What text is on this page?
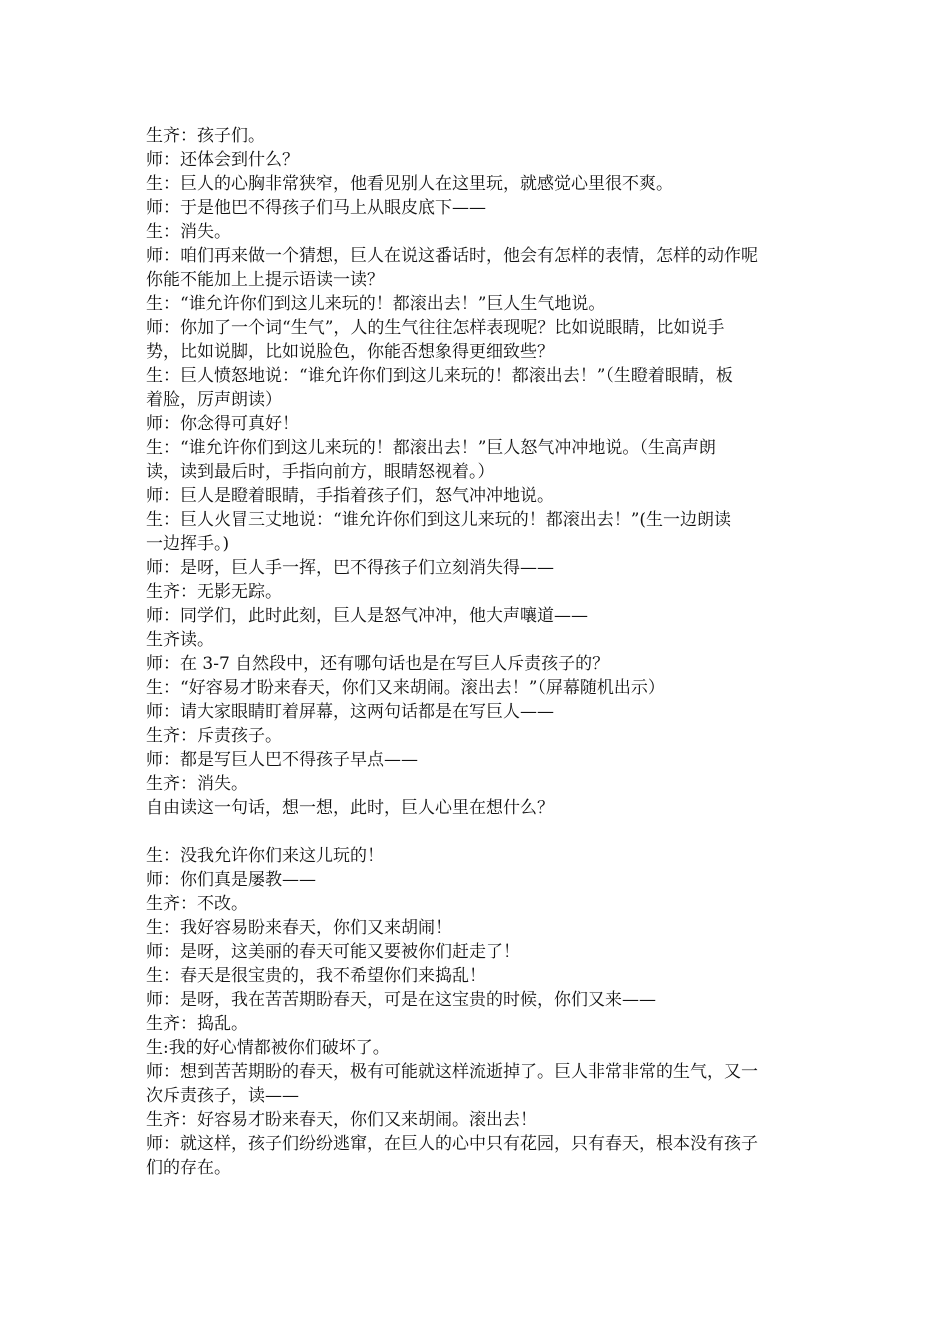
生齐：孩子们。
师：还体会到什么？
生：巨人的心胸非常狭窄，他看见别人在这里玩，就感觉心里很不爽。
师：于是他巴不得孩子们马上从眼皮底下——
生：消失。
师：咱们再来做一个猜想，巨人在说这番话时，他会有怎样的表情，怎样的动作呢
你能不能加上上提示语读一读？
生：“谁允许你们到这儿来玩的！都滚出去！”巨人生气地说。
师：你加了一个词“生气”，人的生气往往怎样表现呢？比如说眼睛，比如说手
势，比如说脚，比如说脸色，你能否想象得更细致些？
生：巨人愤怒地说：“谁允许你们到这儿来玩的！都滚出去！”（生瞪着眼睛，板
着脸，厉声朗读）
师：你念得可真好！
生：“谁允许你们到这儿来玩的！都滚出去！”巨人怒气冲冲地说。（生高声朗
读，读到最后时，手指向前方，眼睛怒视着。）
师：巨人是瞪着眼睛，手指着孩子们，怒气冲冲地说。
生：巨人火冒三丈地说：“谁允许你们到这儿来玩的！都滚出去！”(生一边朗读
一边挥手。)
师：是呀，巨人手一挥，巴不得孩子们立刻消失得——
生齐：无影无踪。
师：同学们，此时此刻，巨人是怒气冲冲，他大声嚷道——
生齐读。
师：在 3-7 自然段中，还有哪句话也是在写巨人斥责孩子的？
生：“好容易才盼来春天，你们又来胡闹。滚出去！”（屏幕随机出示）
师：请大家眼睛盯着屏幕，这两句话都是在写巨人——
生齐：斥责孩子。
师：都是写巨人巴不得孩子早点——
生齐：消失。
自由读这一句话，想一想，此时，巨人心里在想什么？
生：没我允许你们来这儿玩的！
师：你们真是屡教——
生齐：不改。
生：我好容易盼来春天，你们又来胡闹！
师：是呀，这美丽的春天可能又要被你们赶走了！
生：春天是很宝贵的，我不希望你们来捣乱！
师：是呀，我在苦苦期盼春天，可是在这宝贵的时候，你们又来——
生齐：捣乱。
生:我的好心情都被你们破坏了。
师：想到苦苦期盼的春天，极有可能就这样流逝掉了。巨人非常非常的生气，又一
次斥责孩子，读——
生齐：好容易才盼来春天，你们又来胡闹。滚出去！
师：就这样，孩子们纷纷逃窜，在巨人的心中只有花园，只有春天，根本没有孩子
们的存在。
